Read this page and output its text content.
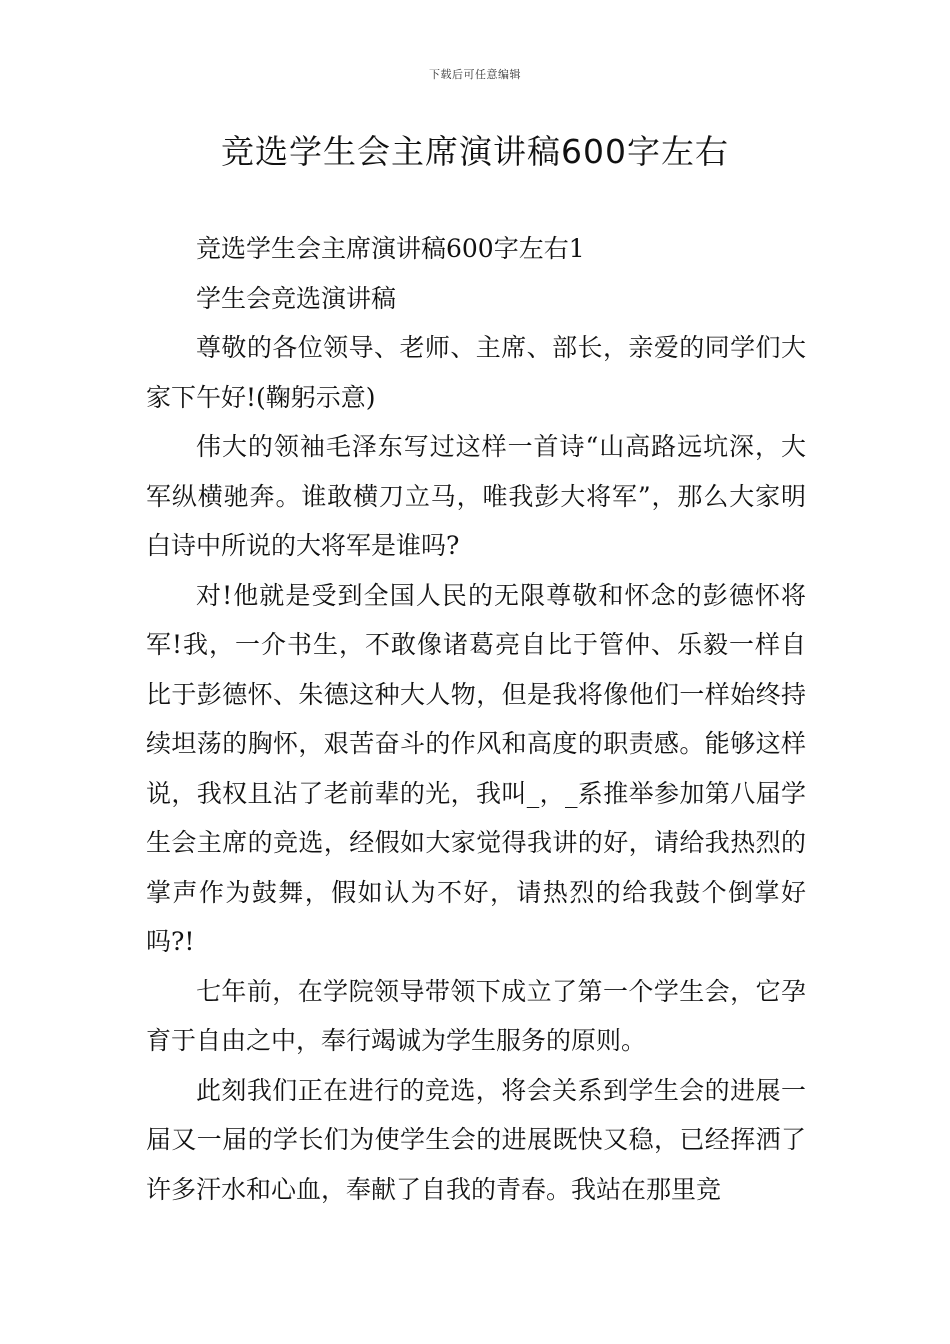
下载后可任意编辑
竞选学生会主席演讲稿600字左右

竞选学生会主席演讲稿600字左右1

学生会竞选演讲稿

尊敬的各位领导、老师、主席、部长，亲爱的同学们大家下午好!(鞠躬示意)

伟大的领袖毛泽东写过这样一首诗“山高路远坑深，大军纵横驰奔。谁敢横刀立马，唯我彭大将军”，那么大家明白诗中所说的大将军是谁吗?

对!他就是受到全国人民的无限尊敬和怀念的彭德怀将军!我，一介书生，不敢像诸葛亮自比于管仲、乐毅一样自比于彭德怀、朱德这种大人物，但是我将像他们一样始终持续坦荡的胸怀，艰苦奋斗的作风和高度的职责感。能够这样说，我权且沾了老前辈的光，我叫_，_系推举参加第八届学生会主席的竞选，经假如大家觉得我讲的好，请给我热烈的掌声作为鼓舞，假如认为不好，请热烈的给我鼓个倒掌好吗?!

七年前，在学院领导带领下成立了第一个学生会，它孕育于自由之中，奉行竭诚为学生服务的原则。

此刻我们正在进行的竞选，将会关系到学生会的进展一届又一届的学长们为使学生会的进展既快又稳，已经挥洒了许多汗水和心血，奉献了自我的青春。我站在那里竞
